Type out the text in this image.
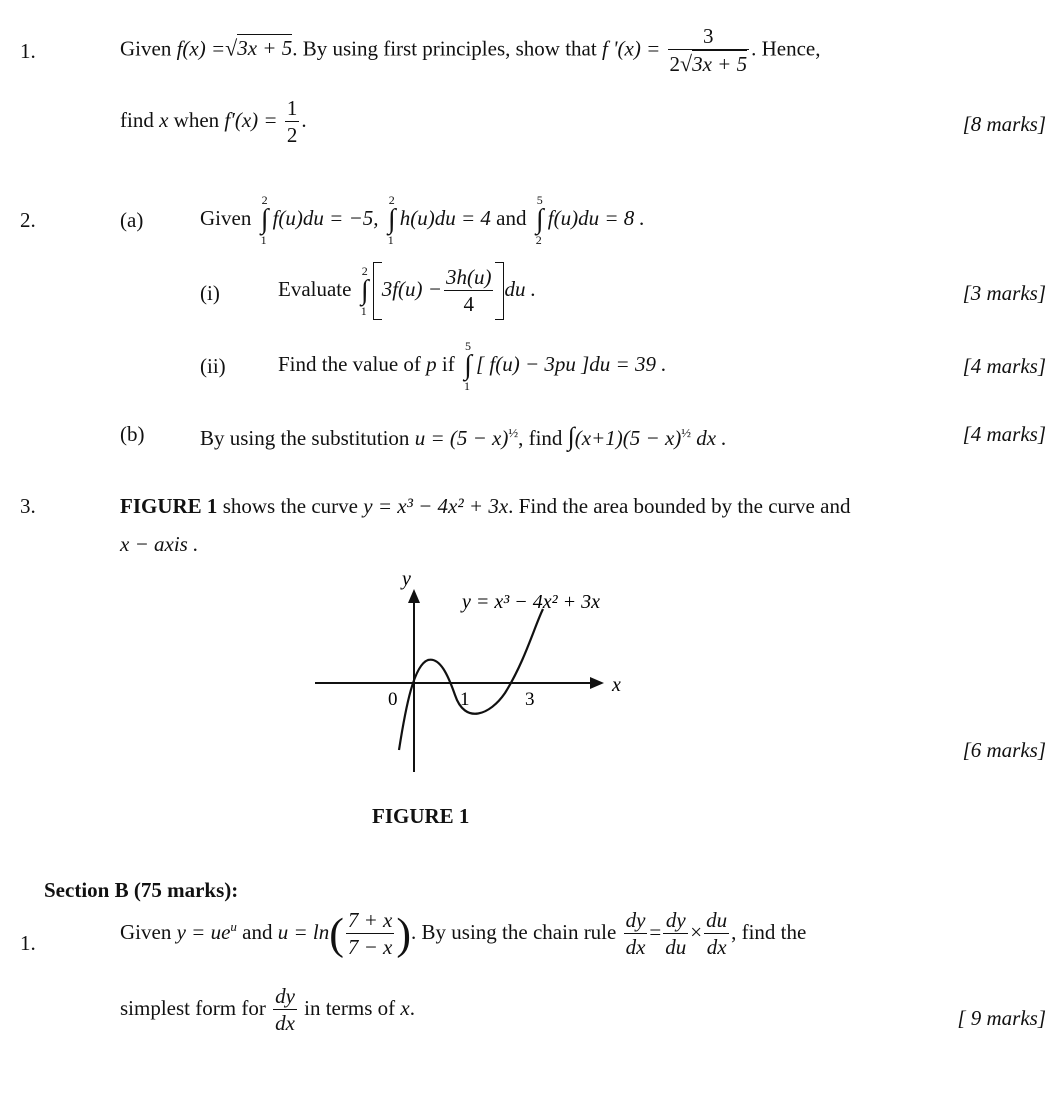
1.	Given f(x) =√3x + 5. By using first principles, show that f '$(x) = \frac{3}{2√3x + 5}$ . Hence,
find x when $f'(x) = \frac{1}{2}$ .	[8 marks]
2.	(a)	Given
2
∫
1
f(u)du = −5,
2
∫
1
h(u)du = 4 and
5
∫
2
f(u)du = 8 .
(i)	Evaluate
2
∫
1
$3f(u) - \frac{3h(u)}{4}$ du .	[3 marks]
(ii) Find the value of p if
5
∫
1
[ f(u) − 3pu ]du = 39 .	[4 marks]
(b)	By using the substitution $u = (5 - x)^{\frac{1}{2}}$, find $\int(x+1)(5 - x)^{\frac{1}{2}}$ dx .	[4 marks]
3.	FIGURE 1 shows the curve y = x³ − 4x² + 3x. Find the area bounded by the curve and
x − axis .
y
x
y = x³ − 4x² + 3x
0	1	3
[6 marks]
FIGURE 1
Section B (75 marks):
1.	Given $y = ue^u$ and $u = \ln( \frac{7 + x}{7 - x}$ ). By using the chain rule $\frac{dy}{dx} = \frac{dy}{du} \times \frac{du}{dx}$ , find the
simplest form for $\frac{dy}{dx}$ in terms of x.	[ 9 marks]
